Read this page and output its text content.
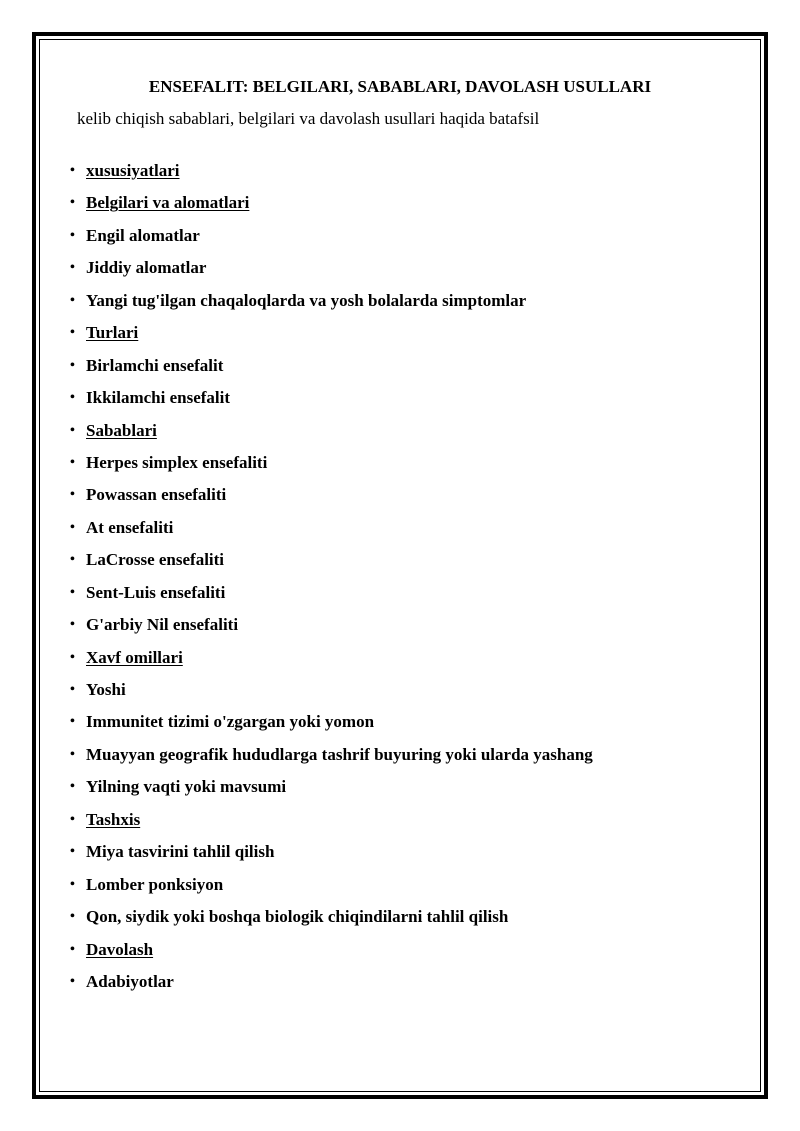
ENSEFALIT: BELGILARI, SABABLARI, DAVOLASH USULLARI

kelib chiqish sabablari, belgilari va davolash usullari haqida batafsil

• xususiyatlari
• Belgilari va alomatlari
• Engil alomatlar
• Jiddiy alomatlar
• Yangi tug'ilgan chaqaloqlarda va yosh bolalarda simptomlar
• Turlari
• Birlamchi ensefalit
• Ikkilamchi ensefalit
• Sabablari
• Herpes simplex ensefaliti
• Powassan ensefaliti
• At ensefaliti
• LaCrosse ensefaliti
• Sent-Luis ensefaliti
• G'arbiy Nil ensefaliti
• Xavf omillari
• Yoshi
• Immunitet tizimi o'zgargan yoki yomon
• Muayyan geografik hududlarga tashrif buyuring yoki ularda yashang
• Yilning vaqti yoki mavsumi
• Tashxis
• Miya tasvirini tahlil qilish
• Lomber ponksiyon
• Qon, siydik yoki boshqa biologik chiqindilarni tahlil qilish
• Davolash
• Adabiyotlar
